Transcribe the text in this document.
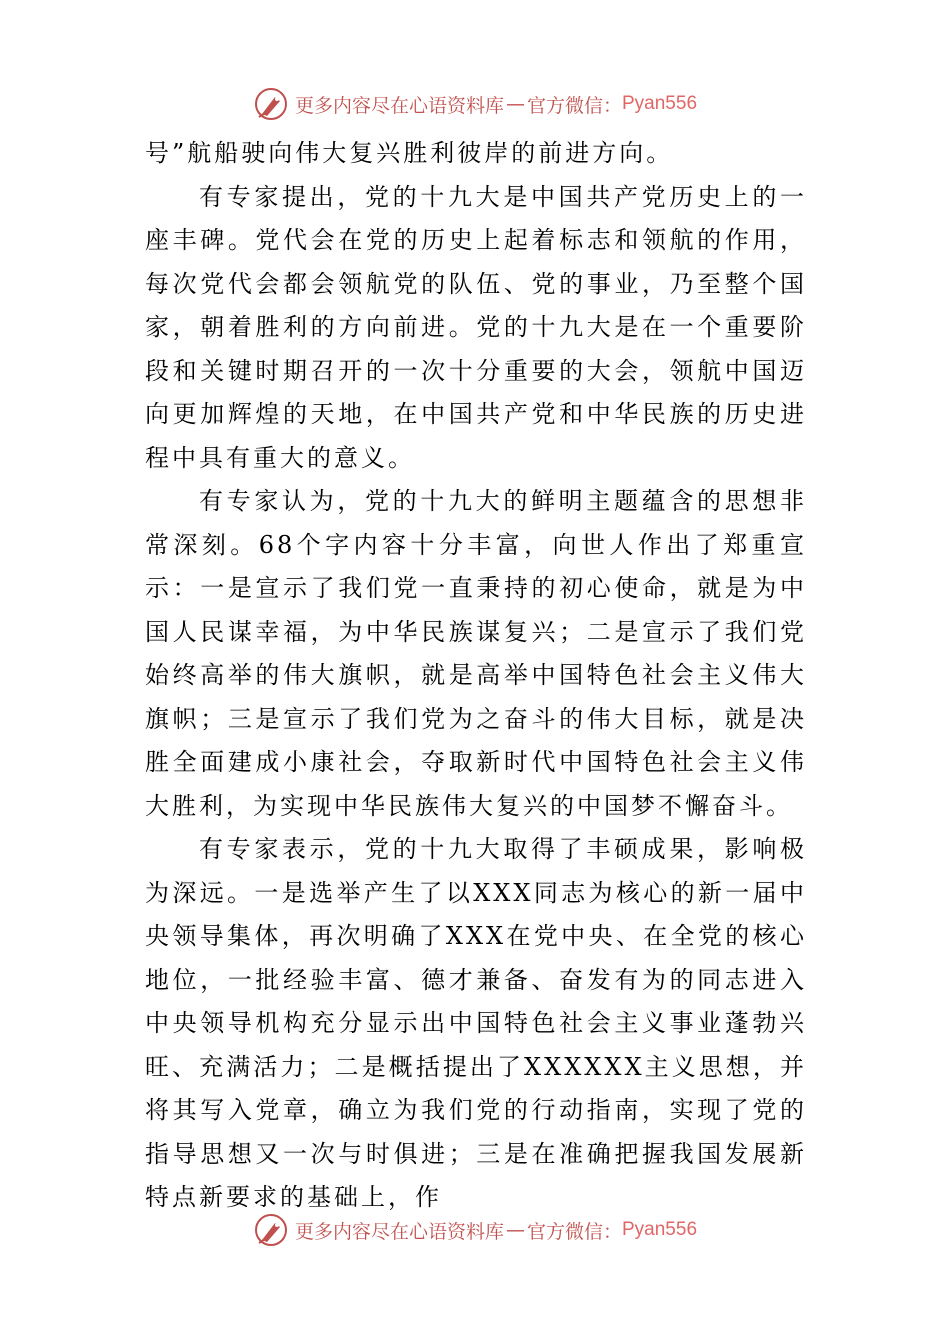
更多内容尽在心语资料库 — 官方微信： Pyan556

号”航船驶向伟大复兴胜利彼岸的前进方向。

有专家提出，党的十九大是中国共产党历史上的一座丰碑。党代会在党的历史上起着标志和领航的作用，每次党代会都会领航党的队伍、党的事业，乃至整个国家，朝着胜利的方向前进。党的十九大是在一个重要阶段和关键时期召开的一次十分重要的大会，领航中国迈向更加辉煌的天地，在中国共产党和中华民族的历史进程中具有重大的意义。

有专家认为，党的十九大的鲜明主题蕴含的思想非常深刻。68个字内容十分丰富，向世人作出了郑重宣示：一是宣示了我们党一直秉持的初心使命，就是为中国人民谋幸福，为中华民族谋复兴；二是宣示了我们党始终高举的伟大旗帜，就是高举中国特色社会主义伟大旗帜；三是宣示了我们党为之奋斗的伟大目标，就是决胜全面建成小康社会，夺取新时代中国特色社会主义伟大胜利，为实现中华民族伟大复兴的中国梦不懈奋斗。

有专家表示，党的十九大取得了丰硕成果，影响极为深远。一是选举产生了以XXX同志为核心的新一届中央领导集体，再次明确了XXX在党中央、在全党的核心地位，一批经验丰富、德才兼备、奋发有为的同志进入中央领导机构充分显示出中国特色社会主义事业蓬勃兴旺、充满活力；二是概括提出了XXXXXX主义思想，并将其写入党章，确立为我们党的行动指南，实现了党的指导思想又一次与时俱进；三是在准确把握我国发展新特点新要求的基础上，作

更多内容尽在心语资料库 — 官方微信： Pyan556
